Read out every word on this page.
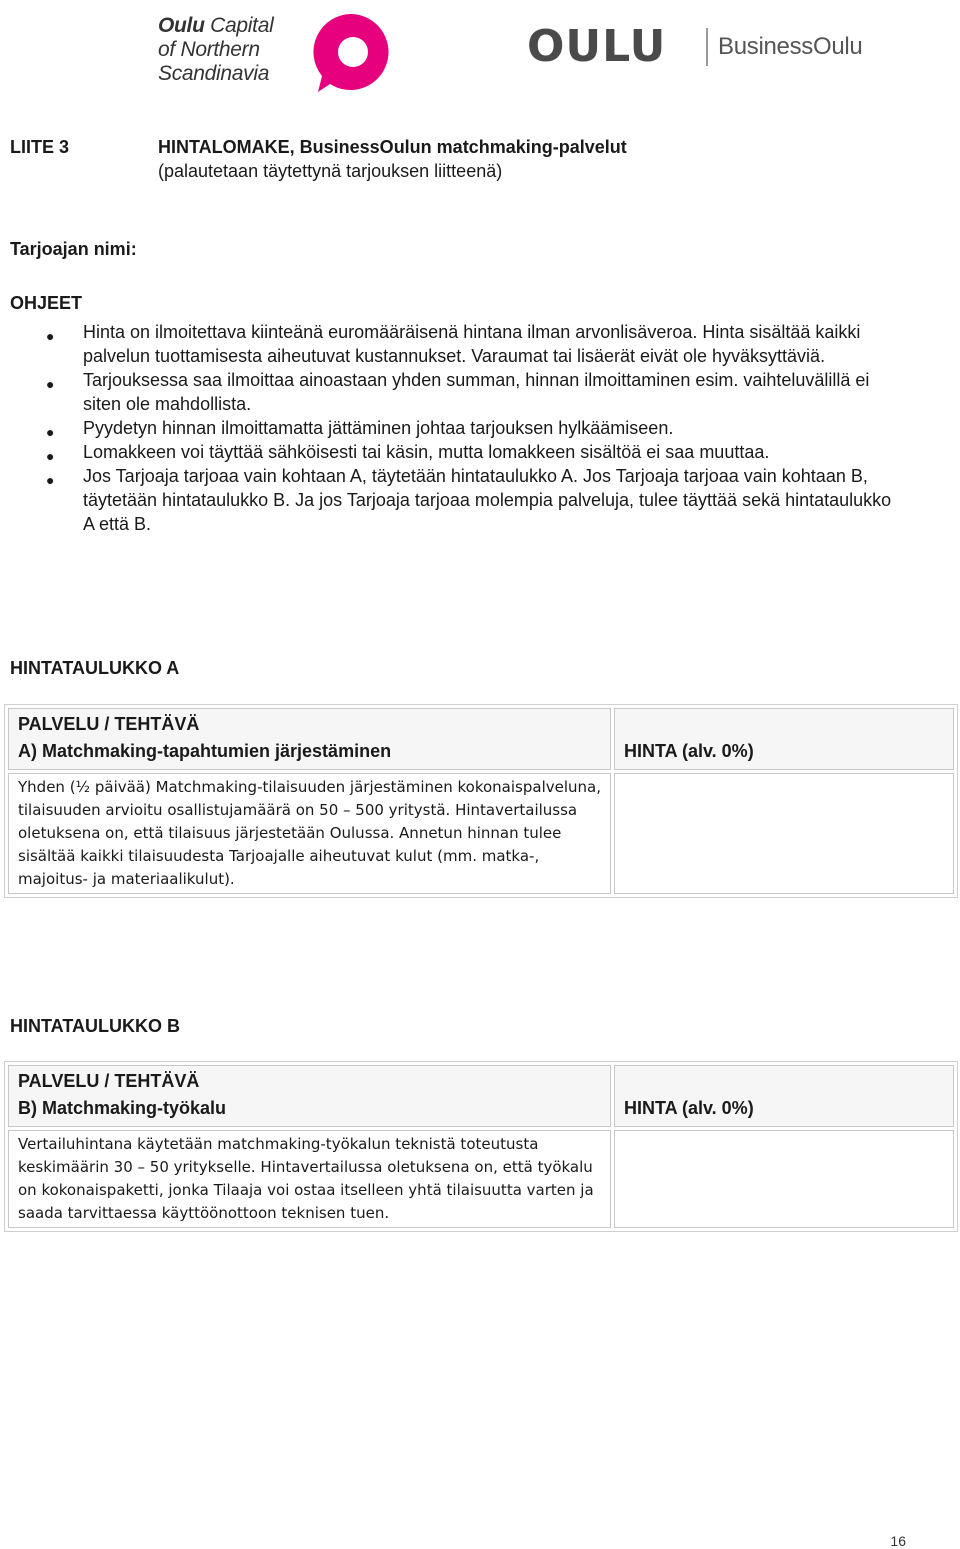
Oulu Capital
of Northern
Scandinavia
OULU BusinessOulu
LIITE 3	HINTALOMAKE, BusinessOulun matchmaking-palvelut
(palautetaan täytettynä tarjouksen liitteenä)
Tarjoajan nimi:
OHJEET
● Hinta on ilmoitettava kiinteänä euromääräisenä hintana ilman arvonlisäveroa. Hinta sisältää kaikki palvelun tuottamisesta aiheutuvat kustannukset. Varaumat tai lisäerät eivät ole hyväksyttäviä.
● Tarjouksessa saa ilmoittaa ainoastaan yhden summan, hinnan ilmoittaminen esim. vaihteluvälillä ei siten ole mahdollista.
● Pyydetyn hinnan ilmoittamatta jättäminen johtaa tarjouksen hylkäämiseen.
● Lomakkeen voi täyttää sähköisesti tai käsin, mutta lomakkeen sisältöä ei saa muuttaa.
● Jos Tarjoaja tarjoaa vain kohtaan A, täytetään hintataulukko A. Jos Tarjoaja tarjoaa vain kohtaan B, täytetään hintataulukko B. Ja jos Tarjoaja tarjoaa molempia palveluja, tulee täyttää sekä hintataulukko A että B.
HINTATAULUKKO A
PALVELU / TEHTÄVÄ
A) Matchmaking-tapahtumien järjestäminen	HINTA (alv. 0%)
Yhden (½ päivää) Matchmaking-tilaisuuden järjestäminen kokonaispalveluna, tilaisuuden arvioitu osallistujamäärä on 50 – 500 yritystä. Hintavertailussa oletuksena on, että tilaisuus järjestetään Oulussa. Annetun hinnan tulee sisältää kaikki tilaisuudesta Tarjoajalle aiheutuvat kulut (mm. matka-, majoitus- ja materiaalikulut).	
HINTATAULUKKO B
PALVELU / TEHTÄVÄ
B) Matchmaking-työkalu	HINTA (alv. 0%)
Vertailuhintana käytetään matchmaking-työkalun teknistä toteutusta keskimäärin 30 – 50 yritykselle. Hintavertailussa oletuksena on, että työkalu on kokonaispaketti, jonka Tilaaja voi ostaa itselleen yhtä tilaisuutta varten ja saada tarvittaessa käyttöönottoon teknisen tuen.	
16
